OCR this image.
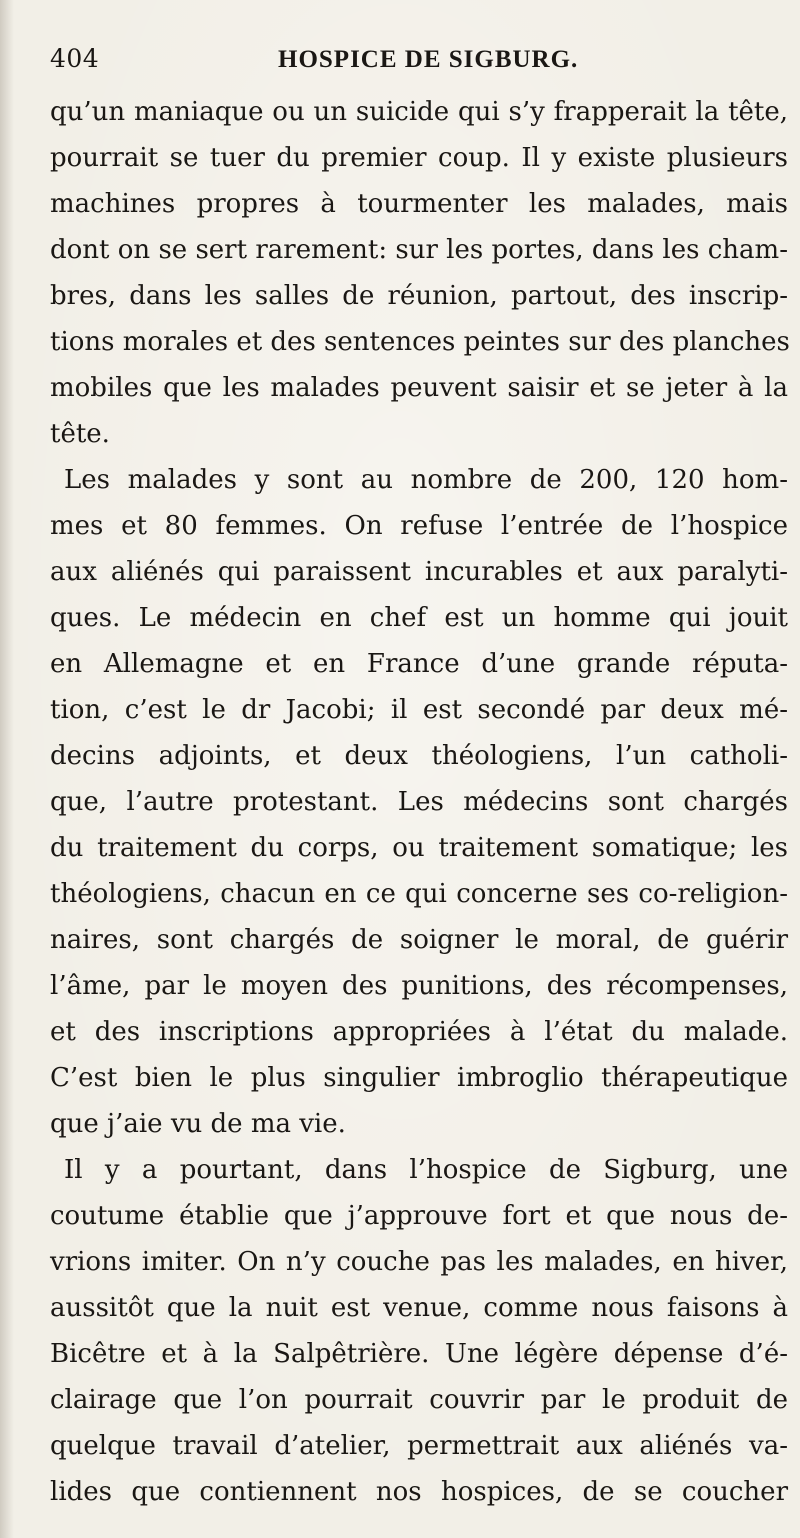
404	HOSPICE DE SIGBURG.
qu’un maniaque ou un suicide qui s’y frapperait la tête,
pourrait se tuer du premier coup. Il y existe plusieurs
machines propres à tourmenter les malades, mais
dont on se sert rarement: sur les portes, dans les cham-
bres, dans les salles de réunion, partout, des inscrip-
tions morales et des sentences peintes sur des planches
mobiles que les malades peuvent saisir et se jeter à la
tête.
Les malades y sont au nombre de 200, 120 hom-
mes et 80 femmes. On refuse l’entrée de l’hospice
aux aliénés qui paraissent incurables et aux paralyti-
ques. Le médecin en chef est un homme qui jouit
en Allemagne et en France d’une grande réputa-
tion, c’est le dr Jacobi; il est secondé par deux mé-
decins adjoints, et deux théologiens, l’un catholi-
que, l’autre protestant. Les médecins sont chargés
du traitement du corps, ou traitement somatique; les
théologiens, chacun en ce qui concerne ses co-religion-
naires, sont chargés de soigner le moral, de guérir
l’âme, par le moyen des punitions, des récompenses,
et des inscriptions appropriées à l’état du malade.
C’est bien le plus singulier imbroglio thérapeutique
que j’aie vu de ma vie.
Il y a pourtant, dans l’hospice de Sigburg, une
coutume établie que j’approuve fort et que nous de-
vrions imiter. On n’y couche pas les malades, en hiver,
aussitôt que la nuit est venue, comme nous faisons à
Bicêtre et à la Salpêtrière. Une légère dépense d’é-
clairage que l’on pourrait couvrir par le produit de
quelque travail d’atelier, permettrait aux aliénés va-
lides que contiennent nos hospices, de se coucher
